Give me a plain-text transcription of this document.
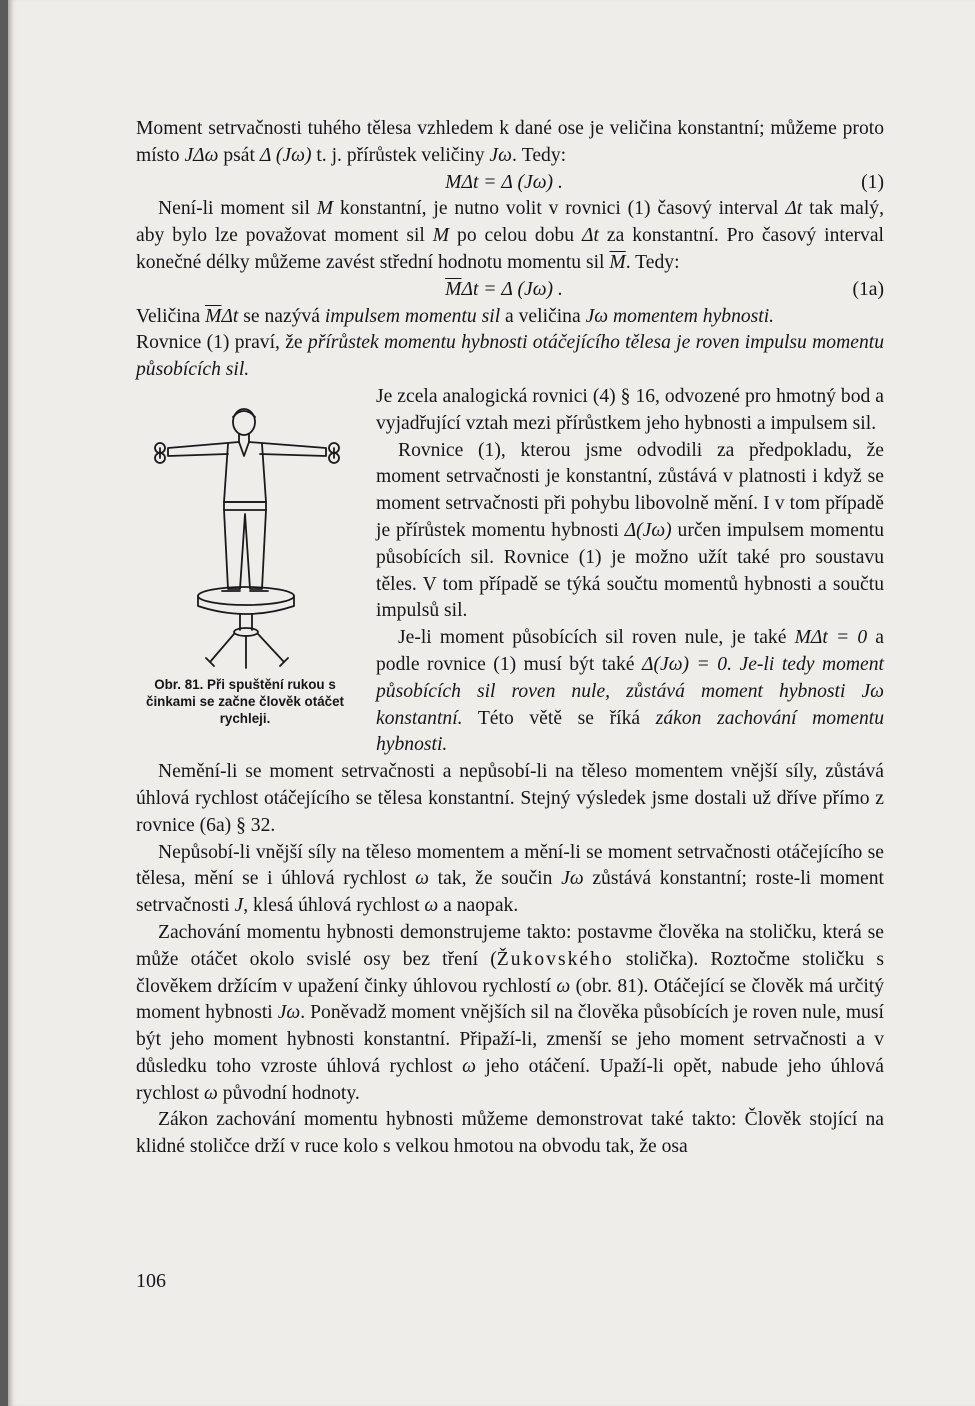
Moment setrvačnosti tuhého tělesa vzhledem k dané ose je veličina konstantní; můžeme proto místo JΔω psát Δ (Jω) t. j. přírůstek veličiny Jω. Tedy:

MΔt = Δ (Jω) .	(1)

Není-li moment sil M konstantní, je nutno volit v rovnici (1) časový interval Δt tak malý, aby bylo lze považovat moment sil M po celou dobu Δt za konstantní. Pro časový interval konečné délky můžeme zavést střední hodnotu momentu sil $\overline{M}$. Tedy:

$\overline{M}\Delta t = \Delta$ (Jω) .	(1a)

Veličina $\overline{M}\Delta t$ se nazývá impulsem momentu sil a veličina Jω momentem hybnosti.

Rovnice (1) praví, že přírůstek momentu hybnosti otáčejícího tělesa je roven impulsu momentu působících sil.

Obr. 81. Při spuštění rukou s činkami se začne člověk otáčet rychleji.

Je zcela analogická rovnici (4) § 16, odvozené pro hmotný bod a vyjadřující vztah mezi přírůstkem jeho hybnosti a impulsem sil.

Rovnice (1), kterou jsme odvodili za předpokladu, že moment setrvačnosti je konstantní, zůstává v platnosti i když se moment setrvačnosti při pohybu libovolně mění. I v tom případě je přírůstek momentu hybnosti Δ(Jω) určen impulsem momentu působících sil. Rovnice (1) je možno užít také pro soustavu těles. V tom případě se týká součtu momentů hybnosti a součtu impulsů sil.

Je-li moment působících sil roven nule, je také MΔt = 0 a podle rovnice (1) musí být také Δ(Jω) = 0. Je-li tedy moment působících sil roven nule, zůstává moment hybnosti Jω konstantní. Této větě se říká zákon zachování momentu hybnosti.

Nemění-li se moment setrvačnosti a nepůsobí-li na těleso momentem vnější síly, zůstává úhlová rychlost otáčejícího se tělesa konstantní. Stejný výsledek jsme dostali už dříve přímo z rovnice (6a) § 32.

Nepůsobí-li vnější síly na těleso momentem a mění-li se moment setrvačnosti otáčejícího se tělesa, mění se i úhlová rychlost ω tak, že součin Jω zůstává konstantní; roste-li moment setrvačnosti J, klesá úhlová rychlost ω a naopak.

Zachování momentu hybnosti demonstrujeme takto: postavme člověka na stoličku, která se může otáčet okolo svislé osy bez tření (Žukovského stolička). Roztočme stoličku s člověkem držícím v upažení činky úhlovou rychlostí ω (obr. 81). Otáčející se člověk má určitý moment hybnosti Jω. Poněvadž moment vnějších sil na člověka působících je roven nule, musí být jeho moment hybnosti konstantní. Připaží-li, zmenší se jeho moment setrvačnosti a v důsledku toho vzroste úhlová rychlost ω jeho otáčení. Upaží-li opět, nabude jeho úhlová rychlost ω původní hodnoty.

Zákon zachování momentu hybnosti můžeme demonstrovat také takto: Člověk stojící na klidné stoličce drží v ruce kolo s velkou hmotou na obvodu tak, že osa

106
